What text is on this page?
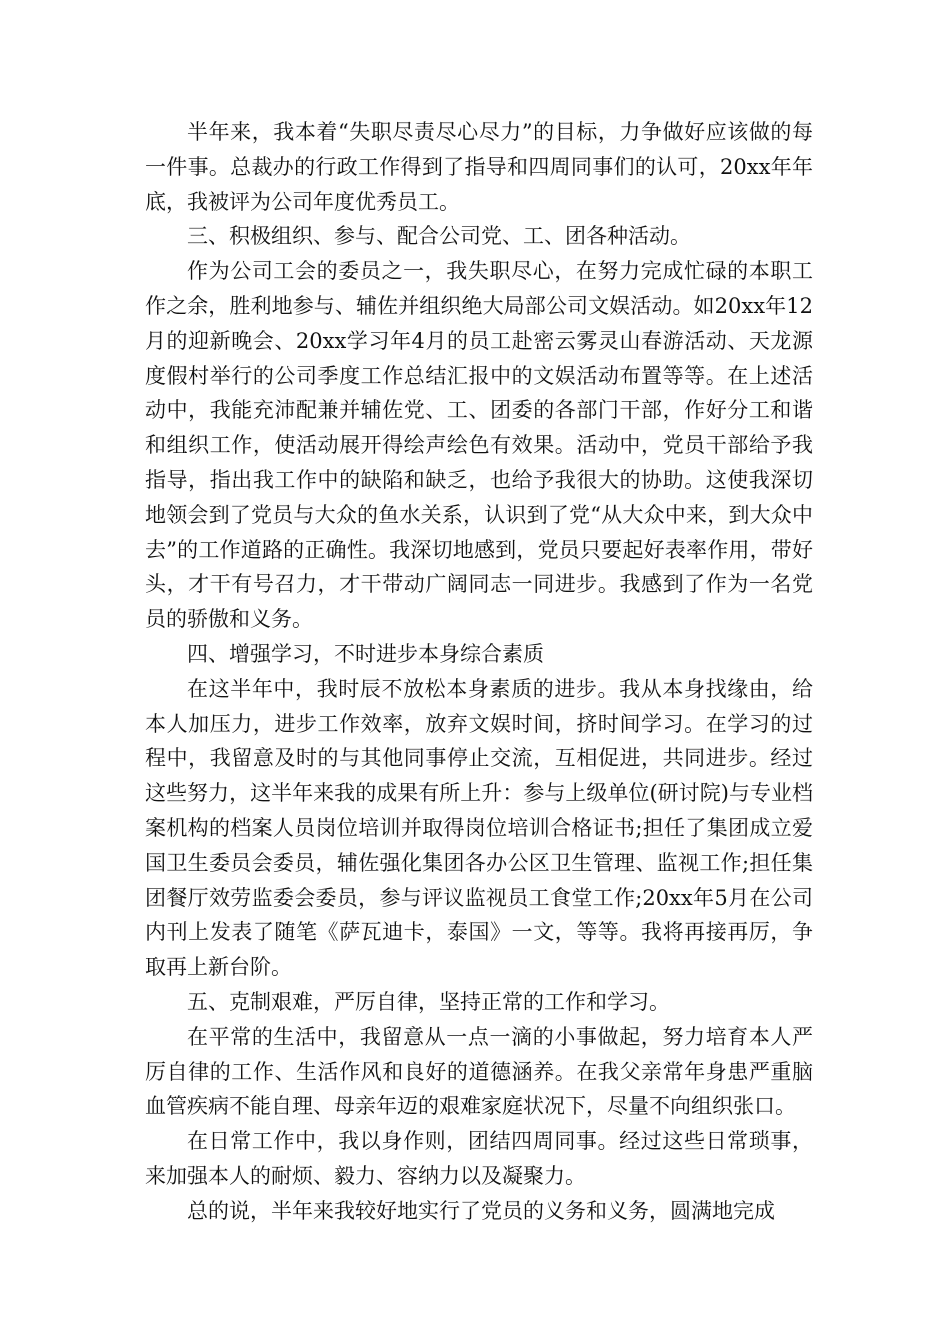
半年来，我本着“失职尽责尽心尽力”的目标，力争做好应该做的每一件事。总裁办的行政工作得到了指导和四周同事们的认可，20xx年年底，我被评为公司年度优秀员工。

三、积极组织、参与、配合公司党、工、团各种活动。

作为公司工会的委员之一，我失职尽心，在努力完成忙碌的本职工作之余，胜利地参与、辅佐并组织绝大局部公司文娱活动。如20xx年12月的迎新晚会、20xx学习年4月的员工赴密云雾灵山春游活动、天龙源度假村举行的公司季度工作总结汇报中的文娱活动布置等等。在上述活动中，我能充沛配兼并辅佐党、工、团委的各部门干部，作好分工和谐和组织工作，使活动展开得绘声绘色有效果。活动中，党员干部给予我指导，指出我工作中的缺陷和缺乏，也给予我很大的协助。这使我深切地领会到了党员与大众的鱼水关系，认识到了党“从大众中来，到大众中去”的工作道路的正确性。我深切地感到，党员只要起好表率作用，带好头，才干有号召力，才干带动广阔同志一同进步。我感到了作为一名党员的骄傲和义务。

四、增强学习，不时进步本身综合素质

在这半年中，我时辰不放松本身素质的进步。我从本身找缘由，给本人加压力，进步工作效率，放弃文娱时间，挤时间学习。在学习的过程中，我留意及时的与其他同事停止交流，互相促进，共同进步。经过这些努力，这半年来我的成果有所上升：参与上级单位(研讨院)与专业档案机构的档案人员岗位培训并取得岗位培训合格证书;担任了集团成立爱国卫生委员会委员，辅佐强化集团各办公区卫生管理、监视工作;担任集团餐厅效劳监委会委员，参与评议监视员工食堂工作;20xx年5月在公司内刊上发表了随笔《萨瓦迪卡，泰国》一文，等等。我将再接再厉，争取再上新台阶。

五、克制艰难，严厉自律，坚持正常的工作和学习。

在平常的生活中，我留意从一点一滴的小事做起，努力培育本人严厉自律的工作、生活作风和良好的道德涵养。在我父亲常年身患严重脑血管疾病不能自理、母亲年迈的艰难家庭状况下，尽量不向组织张口。

在日常工作中，我以身作则，团结四周同事。经过这些日常琐事，来加强本人的耐烦、毅力、容纳力以及凝聚力。

总的说，半年来我较好地实行了党员的义务和义务，圆满地完成
